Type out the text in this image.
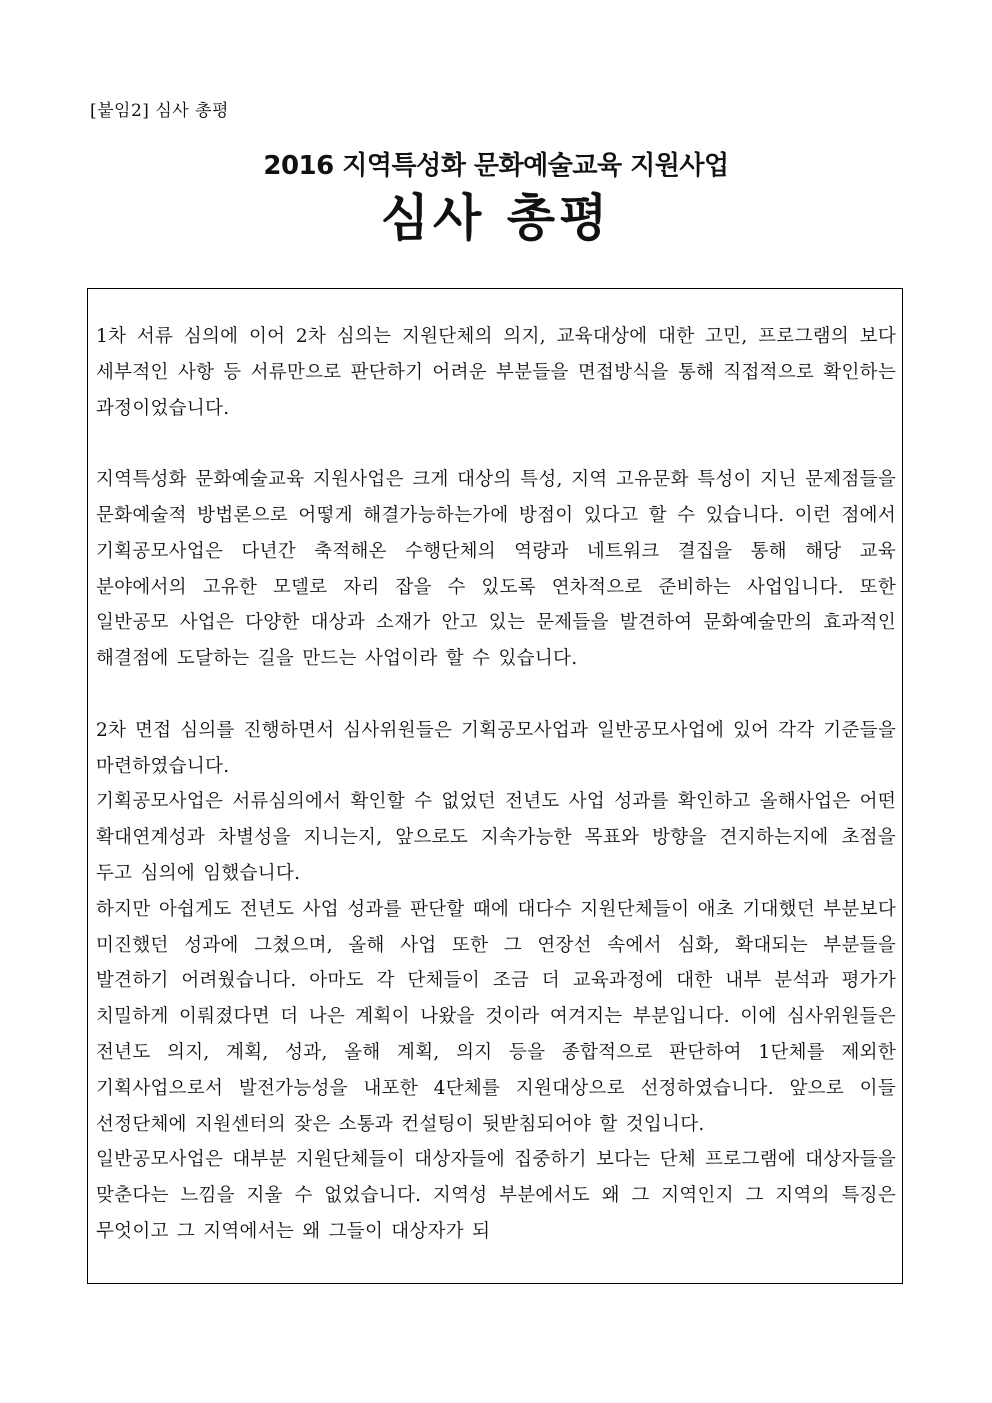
[붙임2] 심사 총평
2016 지역특성화 문화예술교육 지원사업
심사 총평

1차 서류 심의에 이어 2차 심의는 지원단체의 의지, 교육대상에 대한 고민, 프로그램의 보다 세부적인 사항 등 서류만으로 판단하기 어려운 부분들을 면접방식을 통해 직접적으로 확인하는 과정이었습니다.

지역특성화 문화예술교육 지원사업은 크게 대상의 특성, 지역 고유문화 특성이 지닌 문제점들을 문화예술적 방법론으로 어떻게 해결가능하는가에 방점이 있다고 할 수 있습니다. 이런 점에서 기획공모사업은 다년간 축적해온 수행단체의 역량과 네트워크 결집을 통해 해당 교육 분야에서의 고유한 모델로 자리 잡을 수 있도록 연차적으로 준비하는 사업입니다. 또한 일반공모 사업은 다양한 대상과 소재가 안고 있는 문제들을 발견하여 문화예술만의 효과적인 해결점에 도달하는 길을 만드는 사업이라 할 수 있습니다.

2차 면접 심의를 진행하면서 심사위원들은 기획공모사업과 일반공모사업에 있어 각각 기준들을 마련하였습니다.

기획공모사업은 서류심의에서 확인할 수 없었던 전년도 사업 성과를 확인하고 올해사업은 어떤 확대연계성과 차별성을 지니는지, 앞으로도 지속가능한 목표와 방향을 견지하는지에 초점을 두고 심의에 임했습니다.

하지만 아쉽게도 전년도 사업 성과를 판단할 때에 대다수 지원단체들이 애초 기대했던 부분보다 미진했던 성과에 그쳤으며, 올해 사업 또한 그 연장선 속에서 심화, 확대되는 부분들을 발견하기 어려웠습니다. 아마도 각 단체들이 조금 더 교육과정에 대한 내부 분석과 평가가 치밀하게 이뤄졌다면 더 나은 계획이 나왔을 것이라 여겨지는 부분입니다. 이에 심사위원들은 전년도 의지, 계획, 성과, 올해 계획, 의지 등을 종합적으로 판단하여 1단체를 제외한 기획사업으로서 발전가능성을 내포한 4단체를 지원대상으로 선정하였습니다. 앞으로 이들 선정단체에 지원센터의 잦은 소통과 컨설팅이 뒷받침되어야 할 것입니다.

일반공모사업은 대부분 지원단체들이 대상자들에 집중하기 보다는 단체 프로그램에 대상자들을 맞춘다는 느낌을 지울 수 없었습니다. 지역성 부분에서도 왜 그 지역인지 그 지역의 특징은 무엇이고 그 지역에서는 왜 그들이 대상자가 되
